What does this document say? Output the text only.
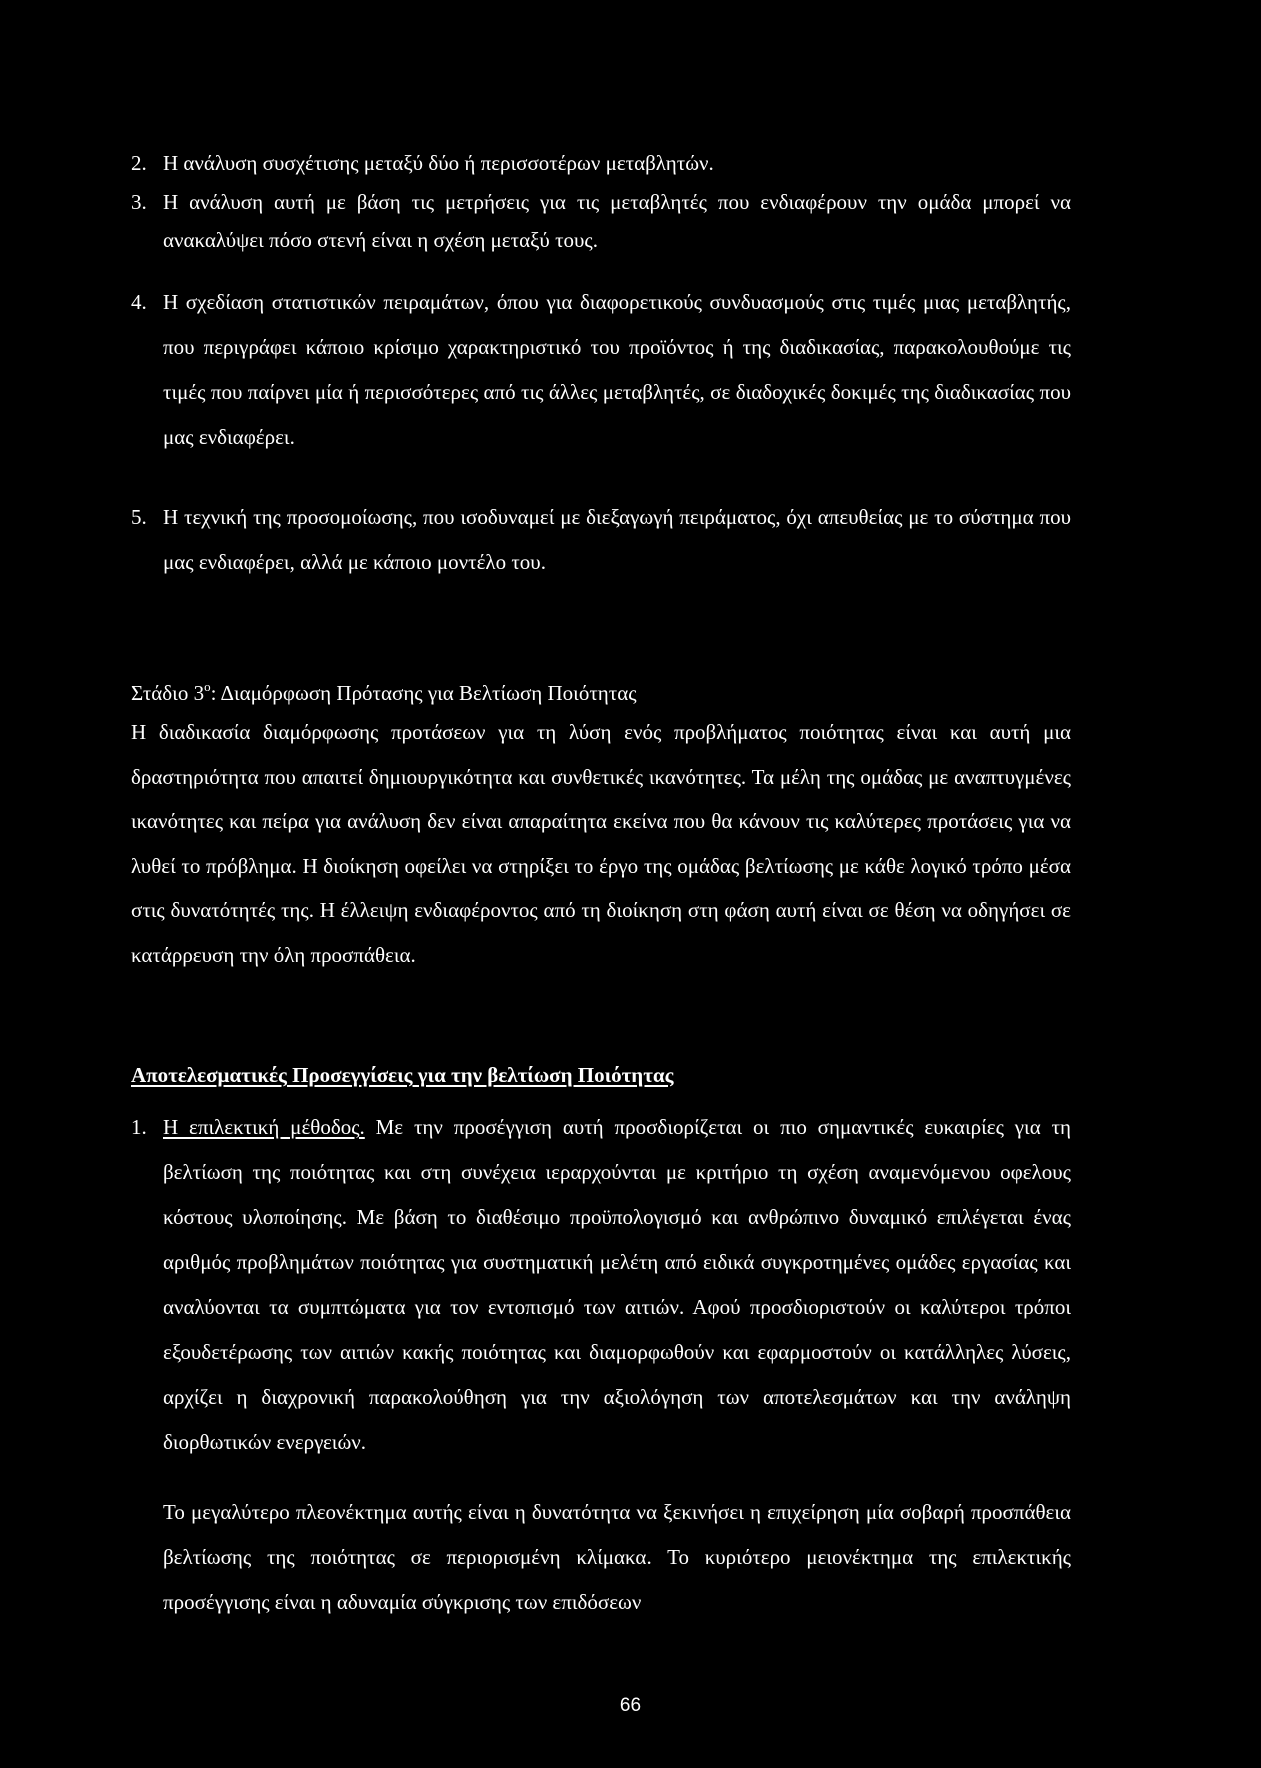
2. Η ανάλυση συσχέτισης μεταξύ δύο ή περισσοτέρων μεταβλητών.
3. Η ανάλυση αυτή με βάση τις μετρήσεις για τις μεταβλητές που ενδιαφέρουν την ομάδα μπορεί να ανακαλύψει πόσο στενή είναι η σχέση μεταξύ τους.
4. Η σχεδίαση στατιστικών πειραμάτων, όπου για διαφορετικούς συνδυασμούς στις τιμές μιας μεταβλητής, που περιγράφει κάποιο κρίσιμο χαρακτηριστικό του προϊόντος ή της διαδικασίας, παρακολουθούμε τις τιμές που παίρνει μία ή περισσότερες από τις άλλες μεταβλητές, σε διαδοχικές δοκιμές της διαδικασίας που μας ενδιαφέρει.
5. Η τεχνική της προσομοίωσης, που ισοδυναμεί με διεξαγωγή πειράματος, όχι απευθείας με το σύστημα που μας ενδιαφέρει, αλλά με κάποιο μοντέλο του.
Στάδιο $3^o$: Διαμόρφωση Πρότασης για Βελτίωση Ποιότητας
Η διαδικασία διαμόρφωσης προτάσεων για τη λύση ενός προβλήματος ποιότητας είναι και αυτή μια δραστηριότητα που απαιτεί δημιουργικότητα και συνθετικές ικανότητες. Τα μέλη της ομάδας με αναπτυγμένες ικανότητες και πείρα για ανάλυση δεν είναι απαραίτητα εκείνα που θα κάνουν τις καλύτερες προτάσεις για να λυθεί το πρόβλημα. Η διοίκηση οφείλει να στηρίξει το έργο της ομάδας βελτίωσης με κάθε λογικό τρόπο μέσα στις δυνατότητές της. Η έλλειψη ενδιαφέροντος από τη διοίκηση στη φάση αυτή είναι σε θέση να οδηγήσει σε κατάρρευση την όλη προσπάθεια.
Αποτελεσματικές Προσεγγίσεις για την βελτίωση Ποιότητας
1. Η επιλεκτική μέθοδος. Με την προσέγγιση αυτή προσδιορίζεται οι πιο σημαντικές ευκαιρίες για τη βελτίωση της ποιότητας και στη συνέχεια ιεραρχούνται με κριτήριο τη σχέση αναμενόμενου οφελους κόστους υλοποίησης. Με βάση το διαθέσιμο προϋπολογισμό και ανθρώπινο δυναμικό επιλέγεται ένας αριθμός προβλημάτων ποιότητας για συστηματική μελέτη από ειδικά συγκροτημένες ομάδες εργασίας και αναλύονται τα συμπτώματα για τον εντοπισμό των αιτιών. Αφού προσδιοριστούν οι καλύτεροι τρόποι εξουδετέρωσης των αιτιών κακής ποιότητας και διαμορφωθούν και εφαρμοστούν οι κατάλληλες λύσεις, αρχίζει η διαχρονική παρακολούθηση για την αξιολόγηση των αποτελεσμάτων και την ανάληψη διορθωτικών ενεργειών.
Το μεγαλύτερο πλεονέκτημα αυτής είναι η δυνατότητα να ξεκινήσει η επιχείρηση μία σοβαρή προσπάθεια βελτίωσης της ποιότητας σε περιορισμένη κλίμακα. Το κυριότερο μειονέκτημα της επιλεκτικής προσέγγισης είναι η αδυναμία σύγκρισης των επιδόσεων
66
